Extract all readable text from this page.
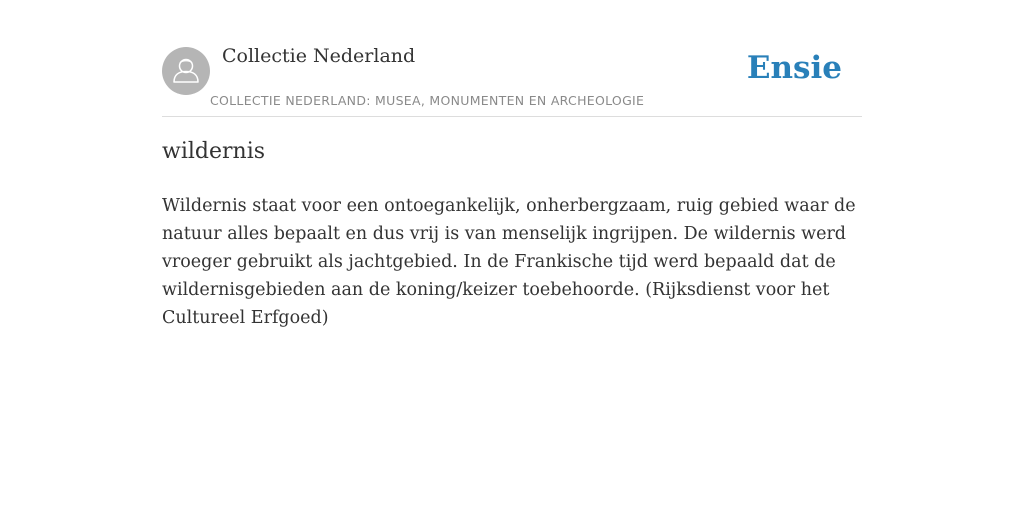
Collectie Nederland
COLLECTIE NEDERLAND: MUSEA, MONUMENTEN EN ARCHEOLOGIE
Ensie
wildernis

Wildernis staat voor een ontoegankelijk, onherbergzaam, ruig gebied waar de natuur alles bepaalt en dus vrij is van menselijk ingrijpen. De wildernis werd vroeger gebruikt als jachtgebied. In de Frankische tijd werd bepaald dat de wildernisgebieden aan de koning/keizer toebehoorde. (Rijksdienst voor het Cultureel Erfgoed)
